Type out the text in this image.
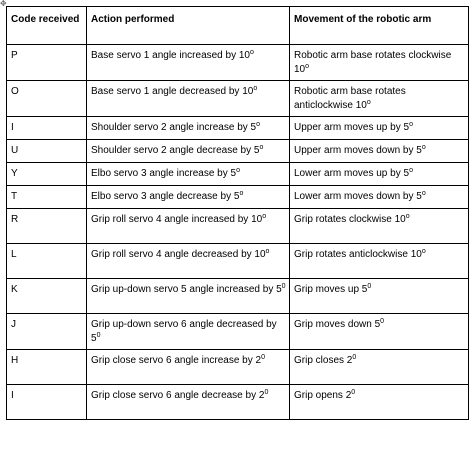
✥
Code received	Action performed	Movement of the robotic arm
P	Base servo 1 angle increased by 10$^o$	Robotic arm base rotates clockwise 10$^o$
O	Base servo 1 angle decreased by 10$^o$	Robotic arm base rotates anticlockwise 10$^o$
I	Shoulder servo 2 angle increase by 5$^o$	Upper arm moves up by 5$^o$
U	Shoulder servo 2 angle decrease by 5$^o$	Upper arm moves down by 5$^o$
Y	Elbo servo 3 angle increase by 5$^o$	Lower arm moves up by 5$^o$
T	Elbo servo 3 angle decrease by 5$^o$	Lower arm moves down by 5$^o$
R	Grip roll servo 4 angle increased by 10$^o$	Grip rotates clockwise 10$^o$
L	Grip roll servo 4 angle decreased by 10$^o$	Grip rotates anticlockwise 10$^o$
K	Grip up-down servo 5 angle increased by $5^0$	Grip moves up $5^0$
J	Grip up-down servo 6 angle decreased by $5^0$	Grip moves down $5^0$
H	Grip close servo 6 angle increase by $2^0$	Grip closes $2^0$
I	Grip close servo 6 angle decrease by $2^0$	Grip opens $2^0$
